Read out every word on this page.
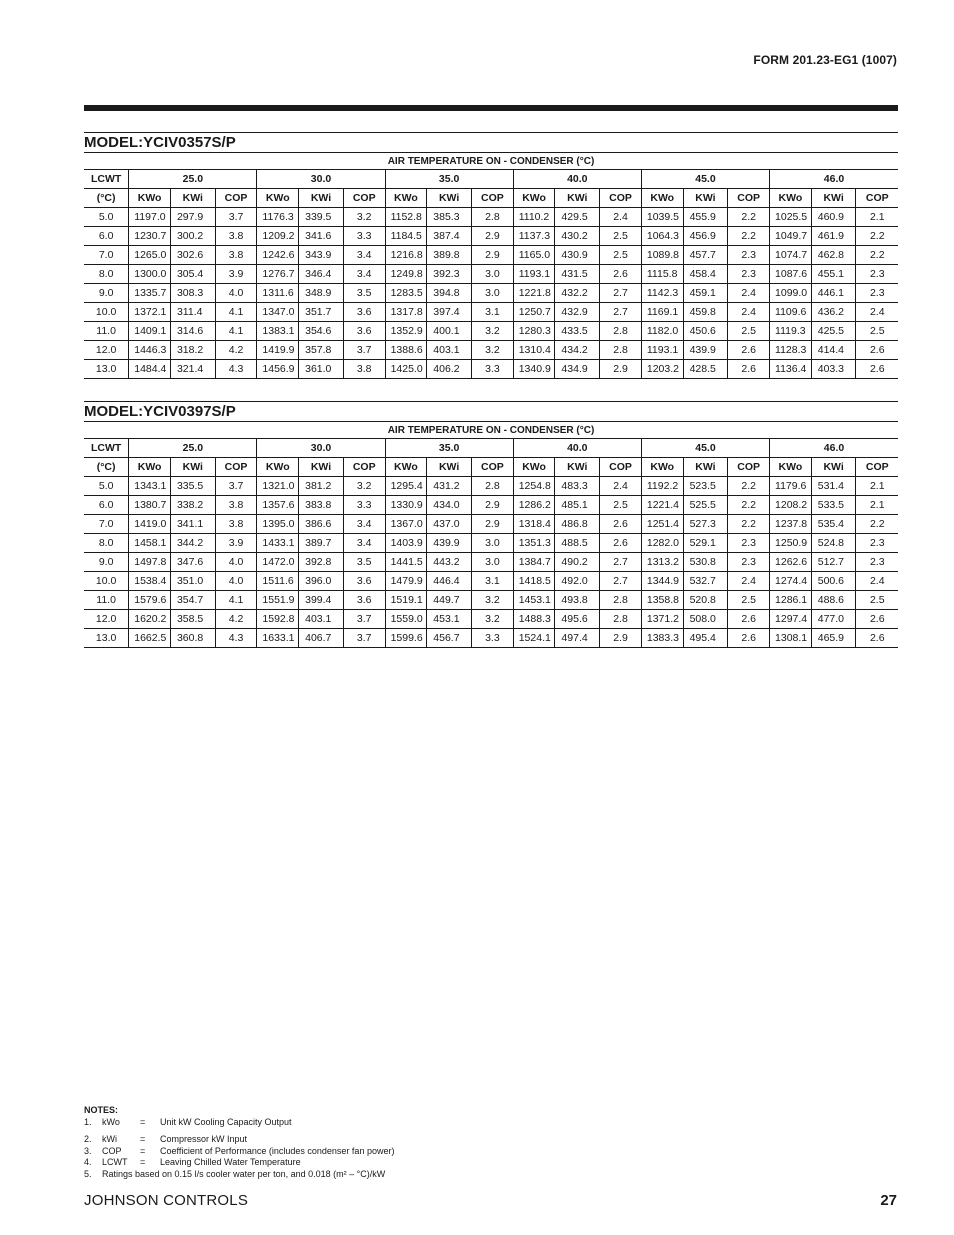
FORM 201.23-EG1 (1007)
MODEL:YCIV0357S/P
AIR TEMPERATURE ON - CONDENSER (°C)																		
LCWT	25.0			30.0			35.0			40.0			45.0			46.0		
(°C)	KWo	KWi	COP	KWo	KWi	COP	KWo	KWi	COP	KWo	KWi	COP	KWo	KWi	COP	KWo	KWi	COP
5.0	1197.0	297.9	3.7	1176.3	339.5	3.2	1152.8	385.3	2.8	1110.2	429.5	2.4	1039.5	455.9	2.2	1025.5	460.9	2.1
6.0	1230.7	300.2	3.8	1209.2	341.6	3.3	1184.5	387.4	2.9	1137.3	430.2	2.5	1064.3	456.9	2.2	1049.7	461.9	2.2
7.0	1265.0	302.6	3.8	1242.6	343.9	3.4	1216.8	389.8	2.9	1165.0	430.9	2.5	1089.8	457.7	2.3	1074.7	462.8	2.2
8.0	1300.0	305.4	3.9	1276.7	346.4	3.4	1249.8	392.3	3.0	1193.1	431.5	2.6	1115.8	458.4	2.3	1087.6	455.1	2.3
9.0	1335.7	308.3	4.0	1311.6	348.9	3.5	1283.5	394.8	3.0	1221.8	432.2	2.7	1142.3	459.1	2.4	1099.0	446.1	2.3
10.0	1372.1	311.4	4.1	1347.0	351.7	3.6	1317.8	397.4	3.1	1250.7	432.9	2.7	1169.1	459.8	2.4	1109.6	436.2	2.4
11.0	1409.1	314.6	4.1	1383.1	354.6	3.6	1352.9	400.1	3.2	1280.3	433.5	2.8	1182.0	450.6	2.5	1119.3	425.5	2.5
12.0	1446.3	318.2	4.2	1419.9	357.8	3.7	1388.6	403.1	3.2	1310.4	434.2	2.8	1193.1	439.9	2.6	1128.3	414.4	2.6
13.0	1484.4	321.4	4.3	1456.9	361.0	3.8	1425.0	406.2	3.3	1340.9	434.9	2.9	1203.2	428.5	2.6	1136.4	403.3	2.6
MODEL:YCIV0397S/P
AIR TEMPERATURE ON - CONDENSER (°C)																		
LCWT	25.0			30.0			35.0			40.0			45.0			46.0		
(°C)	KWo	KWi	COP	KWo	KWi	COP	KWo	KWi	COP	KWo	KWi	COP	KWo	KWi	COP	KWo	KWi	COP
5.0	1343.1	335.5	3.7	1321.0	381.2	3.2	1295.4	431.2	2.8	1254.8	483.3	2.4	1192.2	523.5	2.2	1179.6	531.4	2.1
6.0	1380.7	338.2	3.8	1357.6	383.8	3.3	1330.9	434.0	2.9	1286.2	485.1	2.5	1221.4	525.5	2.2	1208.2	533.5	2.1
7.0	1419.0	341.1	3.8	1395.0	386.6	3.4	1367.0	437.0	2.9	1318.4	486.8	2.6	1251.4	527.3	2.2	1237.8	535.4	2.2
8.0	1458.1	344.2	3.9	1433.1	389.7	3.4	1403.9	439.9	3.0	1351.3	488.5	2.6	1282.0	529.1	2.3	1250.9	524.8	2.3
9.0	1497.8	347.6	4.0	1472.0	392.8	3.5	1441.5	443.2	3.0	1384.7	490.2	2.7	1313.2	530.8	2.3	1262.6	512.7	2.3
10.0	1538.4	351.0	4.0	1511.6	396.0	3.6	1479.9	446.4	3.1	1418.5	492.0	2.7	1344.9	532.7	2.4	1274.4	500.6	2.4
11.0	1579.6	354.7	4.1	1551.9	399.4	3.6	1519.1	449.7	3.2	1453.1	493.8	2.8	1358.8	520.8	2.5	1286.1	488.6	2.5
12.0	1620.2	358.5	4.2	1592.8	403.1	3.7	1559.0	453.1	3.2	1488.3	495.6	2.8	1371.2	508.0	2.6	1297.4	477.0	2.6
13.0	1662.5	360.8	4.3	1633.1	406.7	3.7	1599.6	456.7	3.3	1524.1	497.4	2.9	1383.3	495.4	2.6	1308.1	465.9	2.6
NOTES:
1.	kWo	=	Unit kW Cooling Capacity Output
2.	kWi	=	Compressor kW Input
3.	COP	=	Coefficient of Performance (includes condenser fan power)
4.	LCWT	=	Leaving Chilled Water Temperature
5.	Ratings based on 0.15 l/s cooler water per ton, and 0.018 (m² – °C)/kW
JOHNSON CONTROLS	27
